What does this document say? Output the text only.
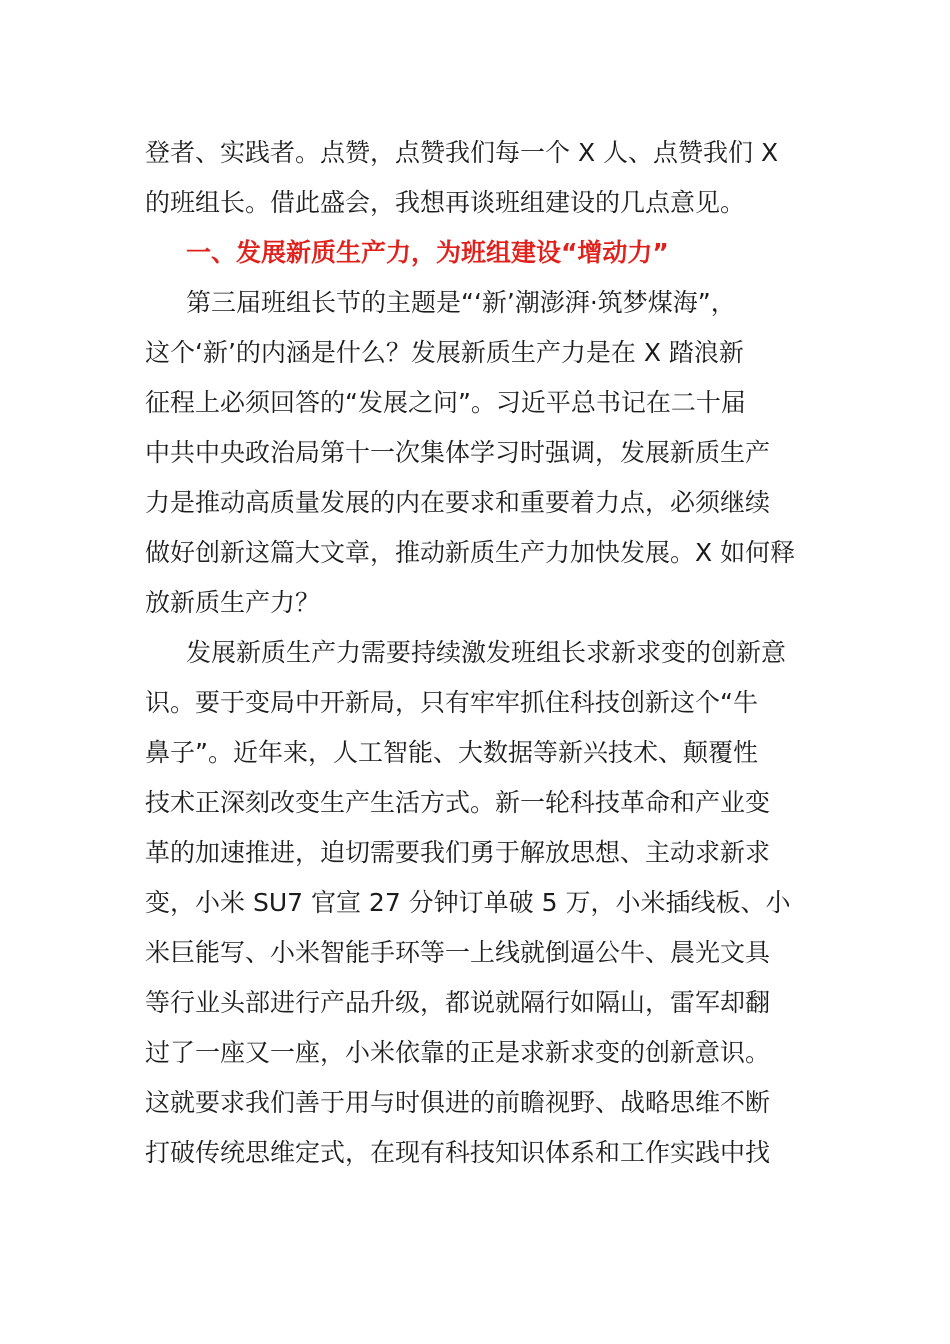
登者、实践者。点赞，点赞我们每一个 X 人、点赞我们 X
的班组长。借此盛会，我想再谈班组建设的几点意见。

一、发展新质生产力，为班组建设“增动力”

第三届班组长节的主题是“‘新’潮澎湃·筑梦煤海”，
这个‘新’的内涵是什么？发展新质生产力是在 X 踏浪新
征程上必须回答的“发展之问”。习近平总书记在二十届
中共中央政治局第十一次集体学习时强调，发展新质生产
力是推动高质量发展的内在要求和重要着力点，必须继续
做好创新这篇大文章，推动新质生产力加快发展。X 如何释
放新质生产力？

发展新质生产力需要持续激发班组长求新求变的创新意
识。要于变局中开新局，只有牢牢抓住科技创新这个“牛
鼻子”。近年来，人工智能、大数据等新兴技术、颠覆性
技术正深刻改变生产生活方式。新一轮科技革命和产业变
革的加速推进，迫切需要我们勇于解放思想、主动求新求
变，小米 SU7 官宣 27 分钟订单破 5 万，小米插线板、小
米巨能写、小米智能手环等一上线就倒逼公牛、晨光文具
等行业头部进行产品升级，都说就隔行如隔山，雷军却翻
过了一座又一座，小米依靠的正是求新求变的创新意识。
这就要求我们善于用与时俱进的前瞻视野、战略思维不断
打破传统思维定式，在现有科技知识体系和工作实践中找
